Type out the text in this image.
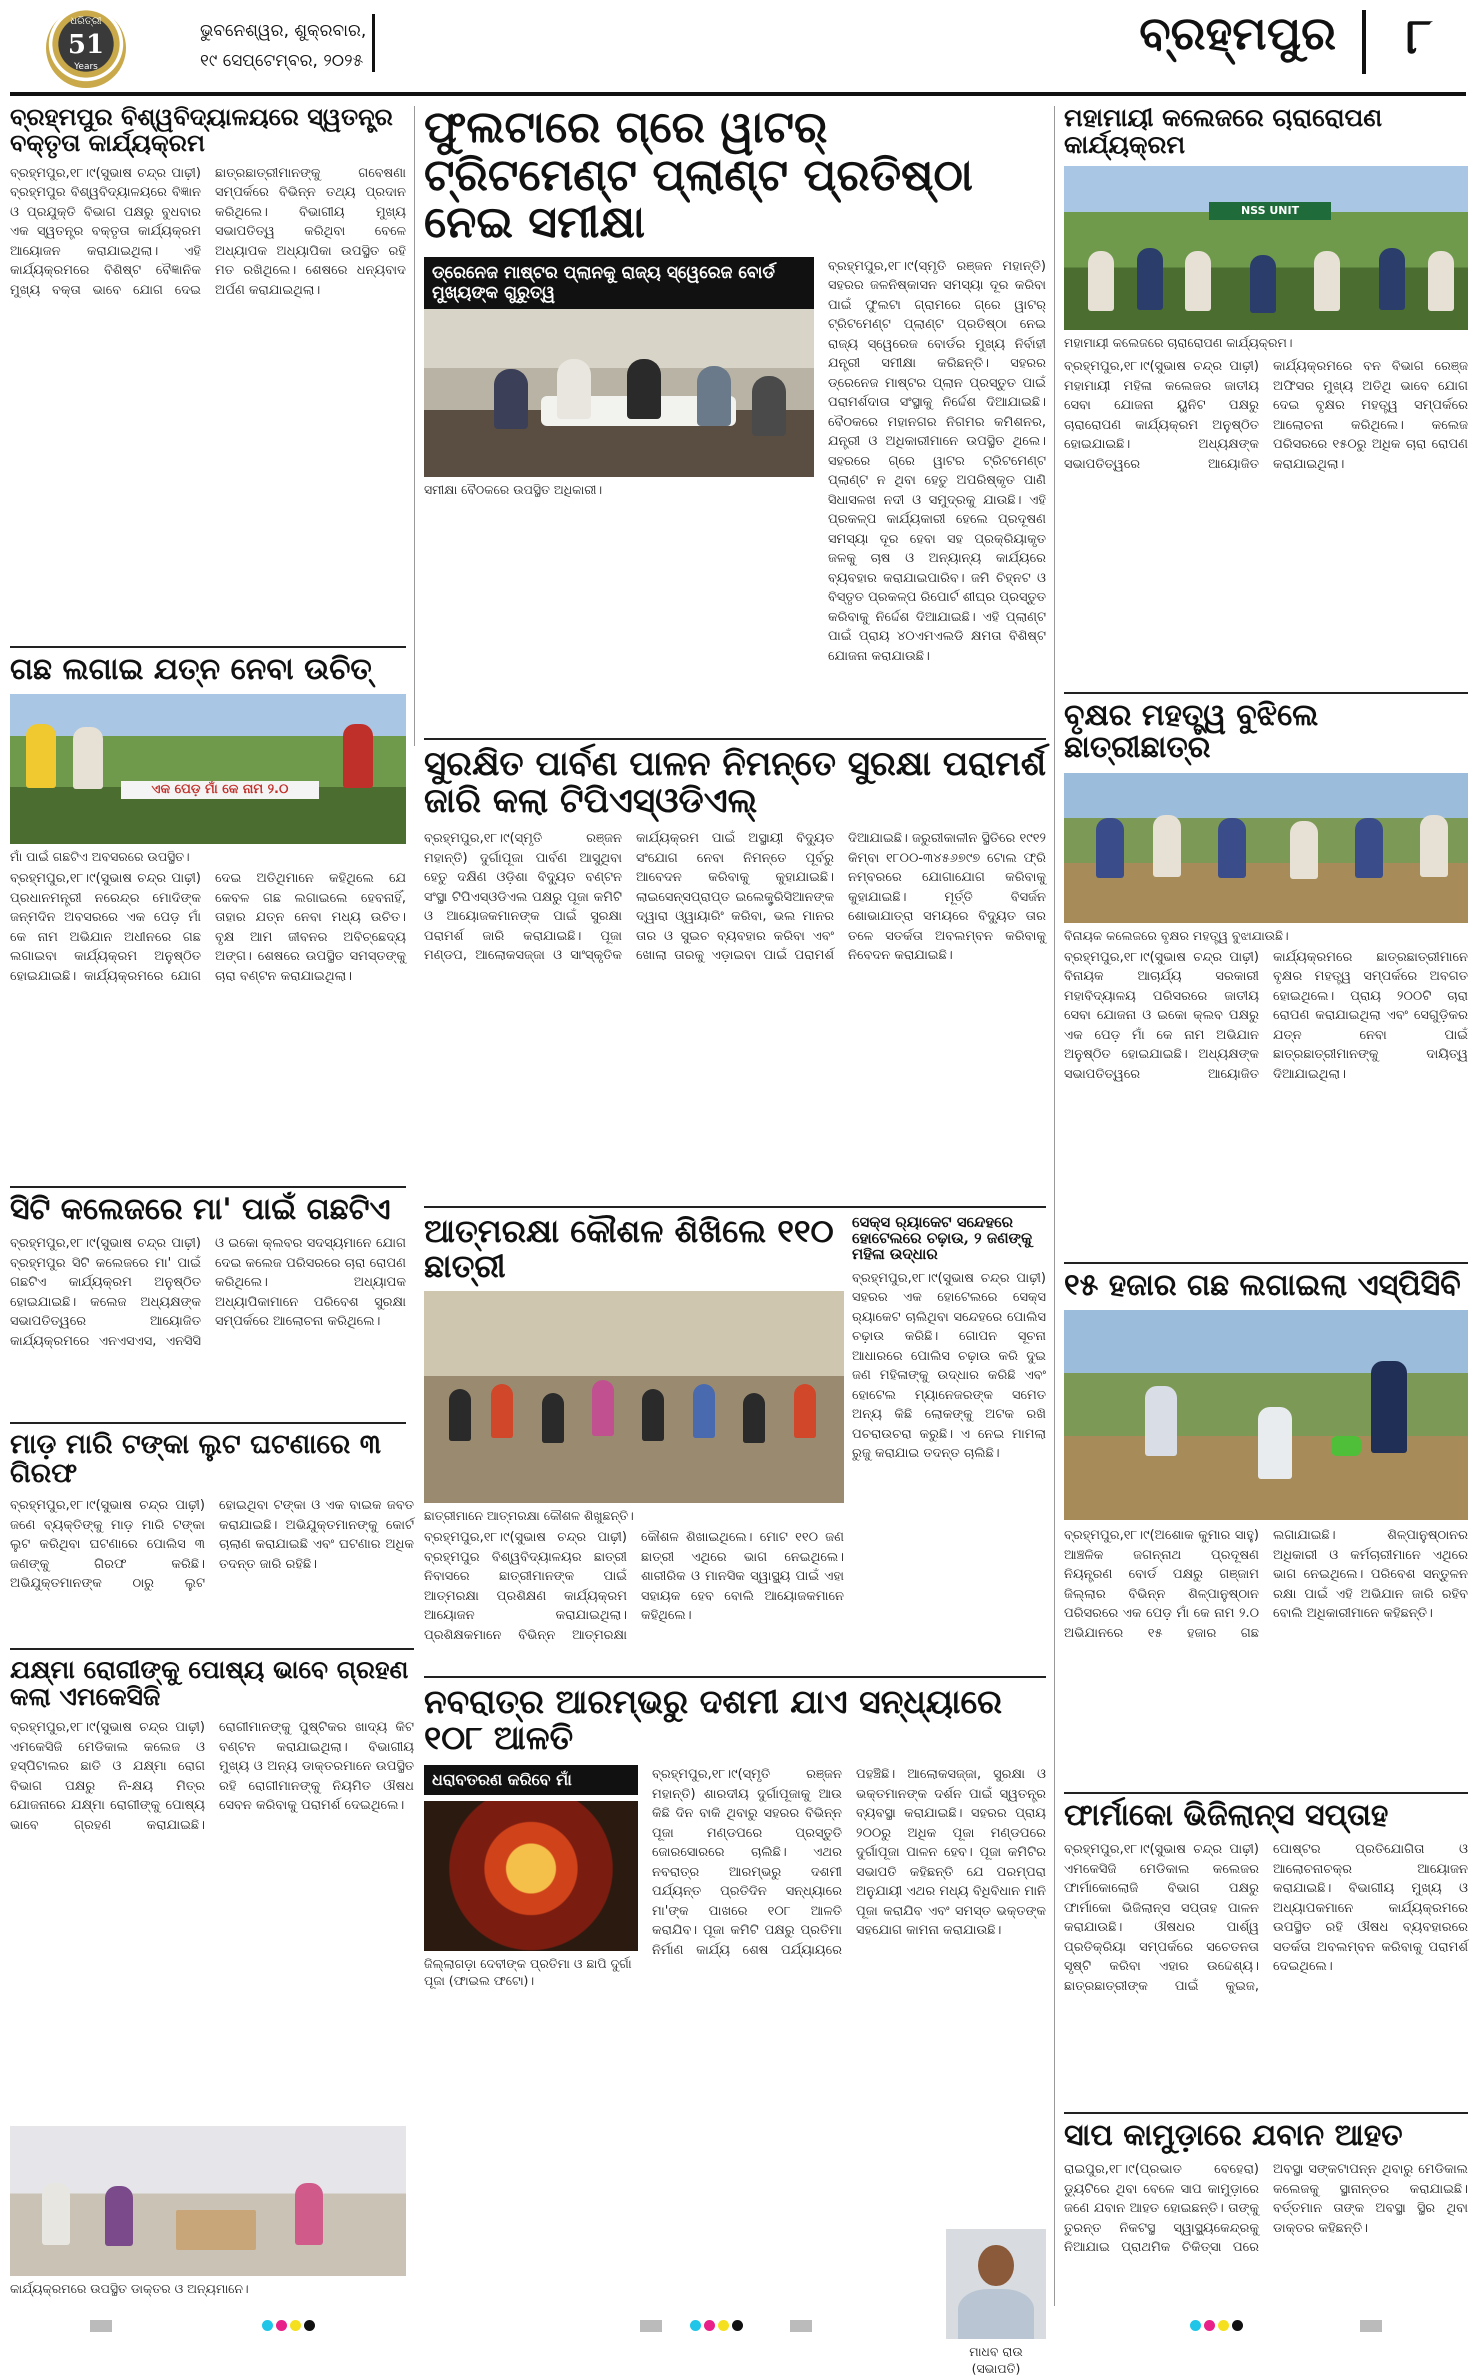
ଧରିତ୍ରୀ
51
Years
ଭୁବନେଶ୍ୱର, ଶୁକ୍ରବାର,
୧୯ ସେପ୍ଟେମ୍ବର, ୨୦୨୫
ବ୍ରହ୍ମପୁର ୮
ବ୍ରହ୍ମପୁର ବିଶ୍ୱବିଦ୍ୟାଳୟରେ ସ୍ୱତନ୍ତ୍ର ବକ୍ତୃତା କାର୍ଯ୍ୟକ୍ରମ
ବ୍ରହ୍ମପୁର,୧୮।୯(ସୁଭାଷ ଚନ୍ଦ୍ର ପାଢ଼ୀ) ବ୍ରହ୍ମପୁର ବିଶ୍ୱବିଦ୍ୟାଳୟରେ ବିଜ୍ଞାନ ଓ ପ୍ରଯୁକ୍ତି ବିଭାଗ ପକ୍ଷରୁ ବୁଧବାର ଏକ ସ୍ୱତନ୍ତ୍ର ବକ୍ତୃତା କାର୍ଯ୍ୟକ୍ରମ ଆୟୋଜନ କରାଯାଇଥିଲା। ଏହି କାର୍ଯ୍ୟକ୍ରମରେ ବିଶିଷ୍ଟ ବୈଜ୍ଞାନିକ ମୁଖ୍ୟ ବକ୍ତା ଭାବେ ଯୋଗ ଦେଇ ଛାତ୍ରଛାତ୍ରୀମାନଙ୍କୁ ଗବେଷଣା ସମ୍ପର୍କରେ ବିଭିନ୍ନ ତଥ୍ୟ ପ୍ରଦାନ କରିଥିଲେ। ବିଭାଗୀୟ ମୁଖ୍ୟ ସଭାପତିତ୍ୱ କରିଥିବା ବେଳେ ଅଧ୍ୟାପକ ଅଧ୍ୟାପିକା ଉପସ୍ଥିତ ରହି ମତ ରଖିଥିଲେ। ଶେଷରେ ଧନ୍ୟବାଦ ଅର୍ପଣ କରାଯାଇଥିଲା।
ଫୁଲଟାରେ ଗ୍ରେ ୱାଟର୍ ଟ୍ରିଟମେଣ୍ଟ ପ୍ଲାଣ୍ଟ ପ୍ରତିଷ୍ଠା ନେଇ ସମୀକ୍ଷା
ଡ୍ରେନେଜ ମାଷ୍ଟର ପ୍ଲାନକୁ ରାଜ୍ୟ ସ୍ୱେରେଜ ବୋର୍ଡ ମୁଖ୍ୟଙ୍କ ଗୁରୁତ୍ୱ
ସମୀକ୍ଷା ବୈଠକରେ ଉପସ୍ଥିତ ଅଧିକାରୀ।
ବ୍ରହ୍ମପୁର,୧୮।୯(ସ୍ମୃତି ରଞ୍ଜନ ମହାନ୍ତି) ସହରର ଜଳନିଷ୍କାସନ ସମସ୍ୟା ଦୂର କରିବା ପାଇଁ ଫୁଲଟା ଗ୍ରାମରେ ଗ୍ରେ ୱାଟର୍ ଟ୍ରିଟମେଣ୍ଟ ପ୍ଲାଣ୍ଟ ପ୍ରତିଷ୍ଠା ନେଇ ରାଜ୍ୟ ସ୍ୱେରେଜ ବୋର୍ଡର ମୁଖ୍ୟ ନିର୍ବାହୀ ଯନ୍ତ୍ରୀ ସମୀକ୍ଷା କରିଛନ୍ତି। ସହରର ଡ୍ରେନେଜ ମାଷ୍ଟର ପ୍ଲାନ ପ୍ରସ୍ତୁତ ପାଇଁ ପରାମର୍ଶଦାତା ସଂସ୍ଥାକୁ ନିର୍ଦ୍ଦେଶ ଦିଆଯାଇଛି। ବୈଠକରେ ମହାନଗର ନିଗମର କମିଶନର, ଯନ୍ତ୍ରୀ ଓ ଅଧିକାରୀମାନେ ଉପସ୍ଥିତ ଥିଲେ। ସହରରେ ଗ୍ରେ ୱାଟର ଟ୍ରିଟମେଣ୍ଟ ପ୍ଲାଣ୍ଟ ନ ଥିବା ହେତୁ ଅପରିଷ୍କୃତ ପାଣି ସିଧାସଳଖ ନଦୀ ଓ ସମୁଦ୍ରକୁ ଯାଉଛି। ଏହି ପ୍ରକଳ୍ପ କାର୍ଯ୍ୟକାରୀ ହେଲେ ପ୍ରଦୂଷଣ ସମସ୍ୟା ଦୂର ହେବା ସହ ପ୍ରକ୍ରିୟାକୃତ ଜଳକୁ ଚାଷ ଓ ଅନ୍ୟାନ୍ୟ କାର୍ଯ୍ୟରେ ବ୍ୟବହାର କରାଯାଇପାରିବ। ଜମି ଚିହ୍ନଟ ଓ ବିସ୍ତୃତ ପ୍ରକଳ୍ପ ରିପୋର୍ଟ ଶୀଘ୍ର ପ୍ରସ୍ତୁତ କରିବାକୁ ନିର୍ଦ୍ଦେଶ ଦିଆଯାଇଛି। ଏହି ପ୍ଲାଣ୍ଟ ପାଇଁ ପ୍ରାୟ ୪୦ଏମଏଲଡି କ୍ଷମତା ବିଶିଷ୍ଟ ଯୋଜନା କରାଯାଉଛି।
ମହାମାୟୀ କଲେଜରେ ଚାରାରୋପଣ କାର୍ଯ୍ୟକ୍ରମ
NSS UNIT
ମହାମାୟୀ କଲେଜରେ ଚାରାରୋପଣ କାର୍ଯ୍ୟକ୍ରମ।
ବ୍ରହ୍ମପୁର,୧୮।୯(ସୁଭାଷ ଚନ୍ଦ୍ର ପାଢ଼ୀ) ମହାମାୟୀ ମହିଳା କଲେଜର ଜାତୀୟ ସେବା ଯୋଜନା ୟୁନିଟ ପକ୍ଷରୁ ଚାରାରୋପଣ କାର୍ଯ୍ୟକ୍ରମ ଅନୁଷ୍ଠିତ ହୋଇଯାଇଛି। ଅଧ୍ୟକ୍ଷଙ୍କ ସଭାପତିତ୍ୱରେ ଆୟୋଜିତ କାର୍ଯ୍ୟକ୍ରମରେ ବନ ବିଭାଗ ରେଞ୍ଜ ଅଫିସର ମୁଖ୍ୟ ଅତିଥି ଭାବେ ଯୋଗ ଦେଇ ବୃକ୍ଷର ମହତ୍ତ୍ୱ ସମ୍ପର୍କରେ ଆଲୋଚନା କରିଥିଲେ। କଲେଜ ପରିସରରେ ୧୫୦ରୁ ଅଧିକ ଚାରା ରୋପଣ କରାଯାଇଥିଲା।
ଗଛ ଲଗାଇ ଯତ୍ନ ନେବା ଉଚିତ୍
ଏକ ପେଡ଼ ମାଁ କେ ନାମ ୨.୦
ମାଁ ପାଇଁ ଗଛଟିଏ ଅବସରରେ ଉପସ୍ଥିତ।
ବ୍ରହ୍ମପୁର,୧୮।୯(ସୁଭାଷ ଚନ୍ଦ୍ର ପାଢ଼ୀ) ପ୍ରଧାନମନ୍ତ୍ରୀ ନରେନ୍ଦ୍ର ମୋଦିଙ୍କ ଜନ୍ମଦିନ ଅବସରରେ ଏକ ପେଡ଼ ମାଁ କେ ନାମ ଅଭିଯାନ ଅଧୀନରେ ଗଛ ଲଗାଇବା କାର୍ଯ୍ୟକ୍ରମ ଅନୁଷ୍ଠିତ ହୋଇଯାଇଛି। କାର୍ଯ୍ୟକ୍ରମରେ ଯୋଗ ଦେଇ ଅତିଥିମାନେ କହିଥିଲେ ଯେ କେବଳ ଗଛ ଲଗାଇଲେ ହେବନାହିଁ, ତାହାର ଯତ୍ନ ନେବା ମଧ୍ୟ ଉଚିତ। ବୃକ୍ଷ ଆମ ଜୀବନର ଅବିଚ୍ଛେଦ୍ୟ ଅଙ୍ଗ। ଶେଷରେ ଉପସ୍ଥିତ ସମସ୍ତଙ୍କୁ ଚାରା ବଣ୍ଟନ କରାଯାଇଥିଲା।
ସୁରକ୍ଷିତ ପାର୍ବଣ ପାଳନ ନିମନ୍ତେ ସୁରକ୍ଷା ପରାମର୍ଶ ଜାରି କଲା ଟିପିଏସ୍ଓଡିଏଲ୍
ବ୍ରହ୍ମପୁର,୧୮।୯(ସ୍ମୃତି ରଞ୍ଜନ ମହାନ୍ତି) ଦୁର୍ଗାପୂଜା ପାର୍ବଣ ଆସୁଥିବା ହେତୁ ଦକ୍ଷିଣ ଓଡ଼ିଶା ବିଦ୍ୟୁତ ବଣ୍ଟନ ସଂସ୍ଥା ଟିପିଏସ୍ଓଡିଏଲ ପକ୍ଷରୁ ପୂଜା କମିଟି ଓ ଆୟୋଜକମାନଙ୍କ ପାଇଁ ସୁରକ୍ଷା ପରାମର୍ଶ ଜାରି କରାଯାଇଛି। ପୂଜା ମଣ୍ଡପ, ଆଲୋକସଜ୍ଜା ଓ ସାଂସ୍କୃତିକ କାର୍ଯ୍ୟକ୍ରମ ପାଇଁ ଅସ୍ଥାୟୀ ବିଦ୍ୟୁତ ସଂଯୋଗ ନେବା ନିମନ୍ତେ ପୂର୍ବରୁ ଆବେଦନ କରିବାକୁ କୁହାଯାଇଛି। ଲାଇସେନ୍ସପ୍ରାପ୍ତ ଇଲେକ୍ଟ୍ରିସିଆନଙ୍କ ଦ୍ୱାରା ଓ୍ୱାୟାରିଂ କରିବା, ଭଲ ମାନର ତାର ଓ ସୁଇଚ ବ୍ୟବହାର କରିବା ଏବଂ ଖୋଲା ତାରକୁ ଏଡ଼ାଇବା ପାଇଁ ପରାମର୍ଶ ଦିଆଯାଇଛି। ଜରୁରୀକାଳୀନ ସ୍ଥିତିରେ ୧୯୧୨ କିମ୍ବା ୧୮୦୦-୩୪୫୬୭୯୭ ଟୋଲ ଫ୍ରି ନମ୍ବରରେ ଯୋଗାଯୋଗ କରିବାକୁ କୁହାଯାଇଛି। ମୂର୍ତ୍ତି ବିସର୍ଜନ ଶୋଭାଯାତ୍ରା ସମୟରେ ବିଦ୍ୟୁତ ତାର ତଳେ ସତର୍କତା ଅବଲମ୍ବନ କରିବାକୁ ନିବେଦନ କରାଯାଇଛି।
ବୃକ୍ଷର ମହତ୍ତ୍ୱ ବୁଝିଲେ ଛାତ୍ରୀଛାତ୍ର
ବିନାୟକ କଲେଜରେ ବୃକ୍ଷର ମହତ୍ତ୍ୱ ବୁଝାଯାଉଛି।
ବ୍ରହ୍ମପୁର,୧୮।୯(ସୁଭାଷ ଚନ୍ଦ୍ର ପାଢ଼ୀ) ବିନାୟକ ଆଚାର୍ଯ୍ୟ ସରକାରୀ ମହାବିଦ୍ୟାଳୟ ପରିସରରେ ଜାତୀୟ ସେବା ଯୋଜନା ଓ ଇକୋ କ୍ଲବ ପକ୍ଷରୁ ଏକ ପେଡ଼ ମାଁ କେ ନାମ ଅଭିଯାନ ଅନୁଷ୍ଠିତ ହୋଇଯାଇଛି। ଅଧ୍ୟକ୍ଷଙ୍କ ସଭାପତିତ୍ୱରେ ଆୟୋଜିତ କାର୍ଯ୍ୟକ୍ରମରେ ଛାତ୍ରଛାତ୍ରୀମାନେ ବୃକ୍ଷର ମହତ୍ତ୍ୱ ସମ୍ପର୍କରେ ଅବଗତ ହୋଇଥିଲେ। ପ୍ରାୟ ୨୦୦ଟି ଚାରା ରୋପଣ କରାଯାଇଥିଲା ଏବଂ ସେଗୁଡ଼ିକର ଯତ୍ନ ନେବା ପାଇଁ ଛାତ୍ରଛାତ୍ରୀମାନଙ୍କୁ ଦାୟିତ୍ୱ ଦିଆଯାଇଥିଲା।
ସିଟି କଲେଜରେ ମା' ପାଇଁ ଗଛଟିଏ
ବ୍ରହ୍ମପୁର,୧୮।୯(ସୁଭାଷ ଚନ୍ଦ୍ର ପାଢ଼ୀ) ବ୍ରହ୍ମପୁର ସିଟି କଲେଜରେ ମା' ପାଇଁ ଗଛଟିଏ କାର୍ଯ୍ୟକ୍ରମ ଅନୁଷ୍ଠିତ ହୋଇଯାଇଛି। କଲେଜ ଅଧ୍ୟକ୍ଷଙ୍କ ସଭାପତିତ୍ୱରେ ଆୟୋଜିତ କାର୍ଯ୍ୟକ୍ରମରେ ଏନଏସଏସ, ଏନସିସି ଓ ଇକୋ କ୍ଲବର ସଦସ୍ୟମାନେ ଯୋଗ ଦେଇ କଲେଜ ପରିସରରେ ଚାରା ରୋପଣ କରିଥିଲେ। ଅଧ୍ୟାପକ ଅଧ୍ୟାପିକାମାନେ ପରିବେଶ ସୁରକ୍ଷା ସମ୍ପର୍କରେ ଆଲୋଚନା କରିଥିଲେ।
ଆତ୍ମରକ୍ଷା କୌଶଳ ଶିଖିଲେ ୧୧୦ ଛାତ୍ରୀ
ଛାତ୍ରୀମାନେ ଆତ୍ମରକ୍ଷା କୌଶଳ ଶିଖୁଛନ୍ତି।
ବ୍ରହ୍ମପୁର,୧୮।୯(ସୁଭାଷ ଚନ୍ଦ୍ର ପାଢ଼ୀ) ବ୍ରହ୍ମପୁର ବିଶ୍ୱବିଦ୍ୟାଳୟର ଛାତ୍ରୀ ନିବାସରେ ଛାତ୍ରୀମାନଙ୍କ ପାଇଁ ଆତ୍ମରକ୍ଷା ପ୍ରଶିକ୍ଷଣ କାର୍ଯ୍ୟକ୍ରମ ଆୟୋଜନ କରାଯାଇଥିଲା। ପ୍ରଶିକ୍ଷକମାନେ ବିଭିନ୍ନ ଆତ୍ମରକ୍ଷା କୌଶଳ ଶିଖାଇଥିଲେ। ମୋଟ ୧୧୦ ଜଣ ଛାତ୍ରୀ ଏଥିରେ ଭାଗ ନେଇଥିଲେ। ଶାରୀରିକ ଓ ମାନସିକ ସ୍ୱାସ୍ଥ୍ୟ ପାଇଁ ଏହା ସହାୟକ ହେବ ବୋଲି ଆୟୋଜକମାନେ କହିଥିଲେ।
ସେକ୍ସ ର‌୍ୟାକେଟ ସନ୍ଦେହରେ ହୋଟେଲରେ ଚଢ଼ାଉ, ୨ ଜଣଙ୍କୁ ମହିଳା ଉଦ୍ଧାର
ବ୍ରହ୍ମପୁର,୧୮।୯(ସୁଭାଷ ଚନ୍ଦ୍ର ପାଢ଼ୀ) ସହରର ଏକ ହୋଟେଲରେ ସେକ୍ସ ର‌୍ୟାକେଟ ଚାଲିଥିବା ସନ୍ଦେହରେ ପୋଲିସ ଚଢ଼ାଉ କରିଛି। ଗୋପନ ସୂଚନା ଆଧାରରେ ପୋଲିସ ଚଢ଼ାଉ କରି ଦୁଇ ଜଣ ମହିଳାଙ୍କୁ ଉଦ୍ଧାର କରିଛି ଏବଂ ହୋଟେଲ ମ୍ୟାନେଜରଙ୍କ ସମେତ ଅନ୍ୟ କିଛି ଲୋକଙ୍କୁ ଅଟକ ରଖି ପଚରାଉଚରା କରୁଛି। ଏ ନେଇ ମାମଲା ରୁଜୁ କରାଯାଇ ତଦନ୍ତ ଚାଲିଛି।
୧୫ ହଜାର ଗଛ ଲଗାଇଲା ଏସ୍‌ପିସିବି
ବ୍ରହ୍ମପୁର,୧୮।୯(ଅଶୋକ କୁମାର ସାହୁ) ଆଞ୍ଚଳିକ ଜଗନ୍ନାଥ ପ୍ରଦୂଷଣ ନିୟନ୍ତ୍ରଣ ବୋର୍ଡ ପକ୍ଷରୁ ଗଞ୍ଜାମ ଜିଲ୍ଲାର ବିଭିନ୍ନ ଶିଳ୍ପାନୁଷ୍ଠାନ ପରିସରରେ ଏକ ପେଡ଼ ମାଁ କେ ନାମ ୨.୦ ଅଭିଯାନରେ ୧୫ ହଜାର ଗଛ ଲଗାଯାଇଛି। ଶିଳ୍ପାନୁଷ୍ଠାନର ଅଧିକାରୀ ଓ କର୍ମଚାରୀମାନେ ଏଥିରେ ଭାଗ ନେଇଥିଲେ। ପରିବେଶ ସନ୍ତୁଳନ ରକ୍ଷା ପାଇଁ ଏହି ଅଭିଯାନ ଜାରି ରହିବ ବୋଲି ଅଧିକାରୀମାନେ କହିଛନ୍ତି।
ମାଡ଼ ମାରି ଟଙ୍କା ଲୁଟ ଘଟଣାରେ ୩ ଗିରଫ
ବ୍ରହ୍ମପୁର,୧୮।୯(ସୁଭାଷ ଚନ୍ଦ୍ର ପାଢ଼ୀ) ଜଣେ ବ୍ୟକ୍ତିଙ୍କୁ ମାଡ଼ ମାରି ଟଙ୍କା ଲୁଟ କରିଥିବା ଘଟଣାରେ ପୋଲିସ ୩ ଜଣଙ୍କୁ ଗିରଫ କରିଛି। ଅଭିଯୁକ୍ତମାନଙ୍କ ଠାରୁ ଲୁଟ ହୋଇଥିବା ଟଙ୍କା ଓ ଏକ ବାଇକ ଜବତ କରାଯାଇଛି। ଅଭିଯୁକ୍ତମାନଙ୍କୁ କୋର୍ଟ ଚାଲାଣ କରାଯାଇଛି ଏବଂ ଘଟଣାର ଅଧିକ ତଦନ୍ତ ଜାରି ରହିଛି।
ଯକ୍ଷ୍ମା ରୋଗୀଙ୍କୁ ପୋଷ୍ୟ ଭାବେ ଗ୍ରହଣ କଲା ଏମକେସିଜି
ବ୍ରହ୍ମପୁର,୧୮।୯(ସୁଭାଷ ଚନ୍ଦ୍ର ପାଢ଼ୀ) ଏମକେସିଜି ମେଡିକାଲ କଲେଜ ଓ ହସ୍ପିଟାଲର ଛାତି ଓ ଯକ୍ଷ୍ମା ରୋଗ ବିଭାଗ ପକ୍ଷରୁ ନି-କ୍ଷୟ ମିତ୍ର ଯୋଜନାରେ ଯକ୍ଷ୍ମା ରୋଗୀଙ୍କୁ ପୋଷ୍ୟ ଭାବେ ଗ୍ରହଣ କରାଯାଇଛି। ରୋଗୀମାନଙ୍କୁ ପୁଷ୍ଟିକର ଖାଦ୍ୟ କିଟ ବଣ୍ଟନ କରାଯାଇଥିଲା। ବିଭାଗୀୟ ମୁଖ୍ୟ ଓ ଅନ୍ୟ ଡାକ୍ତରମାନେ ଉପସ୍ଥିତ ରହି ରୋଗୀମାନଙ୍କୁ ନିୟମିତ ଔଷଧ ସେବନ କରିବାକୁ ପରାମର୍ଶ ଦେଇଥିଲେ।
କାର୍ଯ୍ୟକ୍ରମରେ ଉପସ୍ଥିତ ଡାକ୍ତର ଓ ଅନ୍ୟମାନେ।
ନବରାତ୍ର ଆରମ୍ଭରୁ ଦଶମୀ ଯାଏ ସନ୍ଧ୍ୟାରେ ୧୦୮ ଆଳତି
ଧରାବତରଣ କରିବେ ମାଁ
ଜିଲ୍ଲାଗଡ଼ା ଦେବୀଙ୍କ ପ୍ରତିମା ଓ ଛାପି ଦୁର୍ଗା ପୂଜା (ଫାଇଲ ଫଟୋ)।
ବ୍ରହ୍ମପୁର,୧୮।୯(ସ୍ମୃତି ରଞ୍ଜନ ମହାନ୍ତି) ଶାରଦୀୟ ଦୁର୍ଗାପୂଜାକୁ ଆଉ କିଛି ଦିନ ବାକି ଥିବାରୁ ସହରର ବିଭିନ୍ନ ପୂଜା ମଣ୍ଡପରେ ପ୍ରସ୍ତୁତି ଜୋରସୋରରେ ଚାଲିଛି। ଏଥର ନବରାତ୍ର ଆରମ୍ଭରୁ ଦଶମୀ ପର୍ଯ୍ୟନ୍ତ ପ୍ରତିଦିନ ସନ୍ଧ୍ୟାରେ ମା'ଙ୍କ ପାଖରେ ୧୦୮ ଆଳତି କରାଯିବ। ପୂଜା କମିଟି ପକ୍ଷରୁ ପ୍ରତିମା ନିର୍ମାଣ କାର୍ଯ୍ୟ ଶେଷ ପର୍ଯ୍ୟାୟରେ ପହଞ୍ଚିଛି। ଆଲୋକସଜ୍ଜା, ସୁରକ୍ଷା ଓ ଭକ୍ତମାନଙ୍କ ଦର୍ଶନ ପାଇଁ ସ୍ୱତନ୍ତ୍ର ବ୍ୟବସ୍ଥା କରାଯାଇଛି। ସହରର ପ୍ରାୟ ୨୦୦ରୁ ଅଧିକ ପୂଜା ମଣ୍ଡପରେ ଦୁର୍ଗାପୂଜା ପାଳନ ହେବ। ପୂଜା କମିଟିର ସଭାପତି କହିଛନ୍ତି ଯେ ପରମ୍ପରା ଅନୁଯାୟୀ ଏଥର ମଧ୍ୟ ବିଧିବିଧାନ ମାନି ପୂଜା କରାଯିବ ଏବଂ ସମସ୍ତ ଭକ୍ତଙ୍କ ସହଯୋଗ କାମନା କରାଯାଉଛି।
ମାଧବ ରାଉ (ସଭାପତି)
ଫାର୍ମାକୋ ଭିଜିଲାନ୍ସ ସପ୍ତାହ
ବ୍ରହ୍ମପୁର,୧୮।୯(ସୁଭାଷ ଚନ୍ଦ୍ର ପାଢ଼ୀ) ଏମକେସିଜି ମେଡିକାଲ କଲେଜର ଫାର୍ମାକୋଲୋଜି ବିଭାଗ ପକ୍ଷରୁ ଫାର୍ମାକୋ ଭିଜିଲାନ୍ସ ସପ୍ତାହ ପାଳନ କରାଯାଉଛି। ଔଷଧର ପାର୍ଶ୍ୱ ପ୍ରତିକ୍ରିୟା ସମ୍ପର୍କରେ ସଚେତନତା ସୃଷ୍ଟି କରିବା ଏହାର ଉଦ୍ଦେଶ୍ୟ। ଛାତ୍ରଛାତ୍ରୀଙ୍କ ପାଇଁ କୁଇଜ, ପୋଷ୍ଟର ପ୍ରତିଯୋଗିତା ଓ ଆଲୋଚନାଚକ୍ର ଆୟୋଜନ କରାଯାଇଛି। ବିଭାଗୀୟ ମୁଖ୍ୟ ଓ ଅଧ୍ୟାପକମାନେ କାର୍ଯ୍ୟକ୍ରମରେ ଉପସ୍ଥିତ ରହି ଔଷଧ ବ୍ୟବହାରରେ ସତର୍କତା ଅବଲମ୍ବନ କରିବାକୁ ପରାମର୍ଶ ଦେଇଥିଲେ।
ସାପ କାମୁଡ଼ାରେ ଯବାନ ଆହତ
ରାଇପୁର,୧୮।୯(ପ୍ରଭାତ ବେହେରା) ଡ୍ୟୁଟିରେ ଥିବା ବେଳେ ସାପ କାମୁଡ଼ାରେ ଜଣେ ଯବାନ ଆହତ ହୋଇଛନ୍ତି। ତାଙ୍କୁ ତୁରନ୍ତ ନିକଟସ୍ଥ ସ୍ୱାସ୍ଥ୍ୟକେନ୍ଦ୍ରକୁ ନିଆଯାଇ ପ୍ରାଥମିକ ଚିକିତ୍ସା ପରେ ଅବସ୍ଥା ସଙ୍କଟାପନ୍ନ ଥିବାରୁ ମେଡିକାଲ କଲେଜକୁ ସ୍ଥାନାନ୍ତର କରାଯାଇଛି। ବର୍ତ୍ତମାନ ତାଙ୍କ ଅବସ୍ଥା ସ୍ଥିର ଥିବା ଡାକ୍ତର କହିଛନ୍ତି।
